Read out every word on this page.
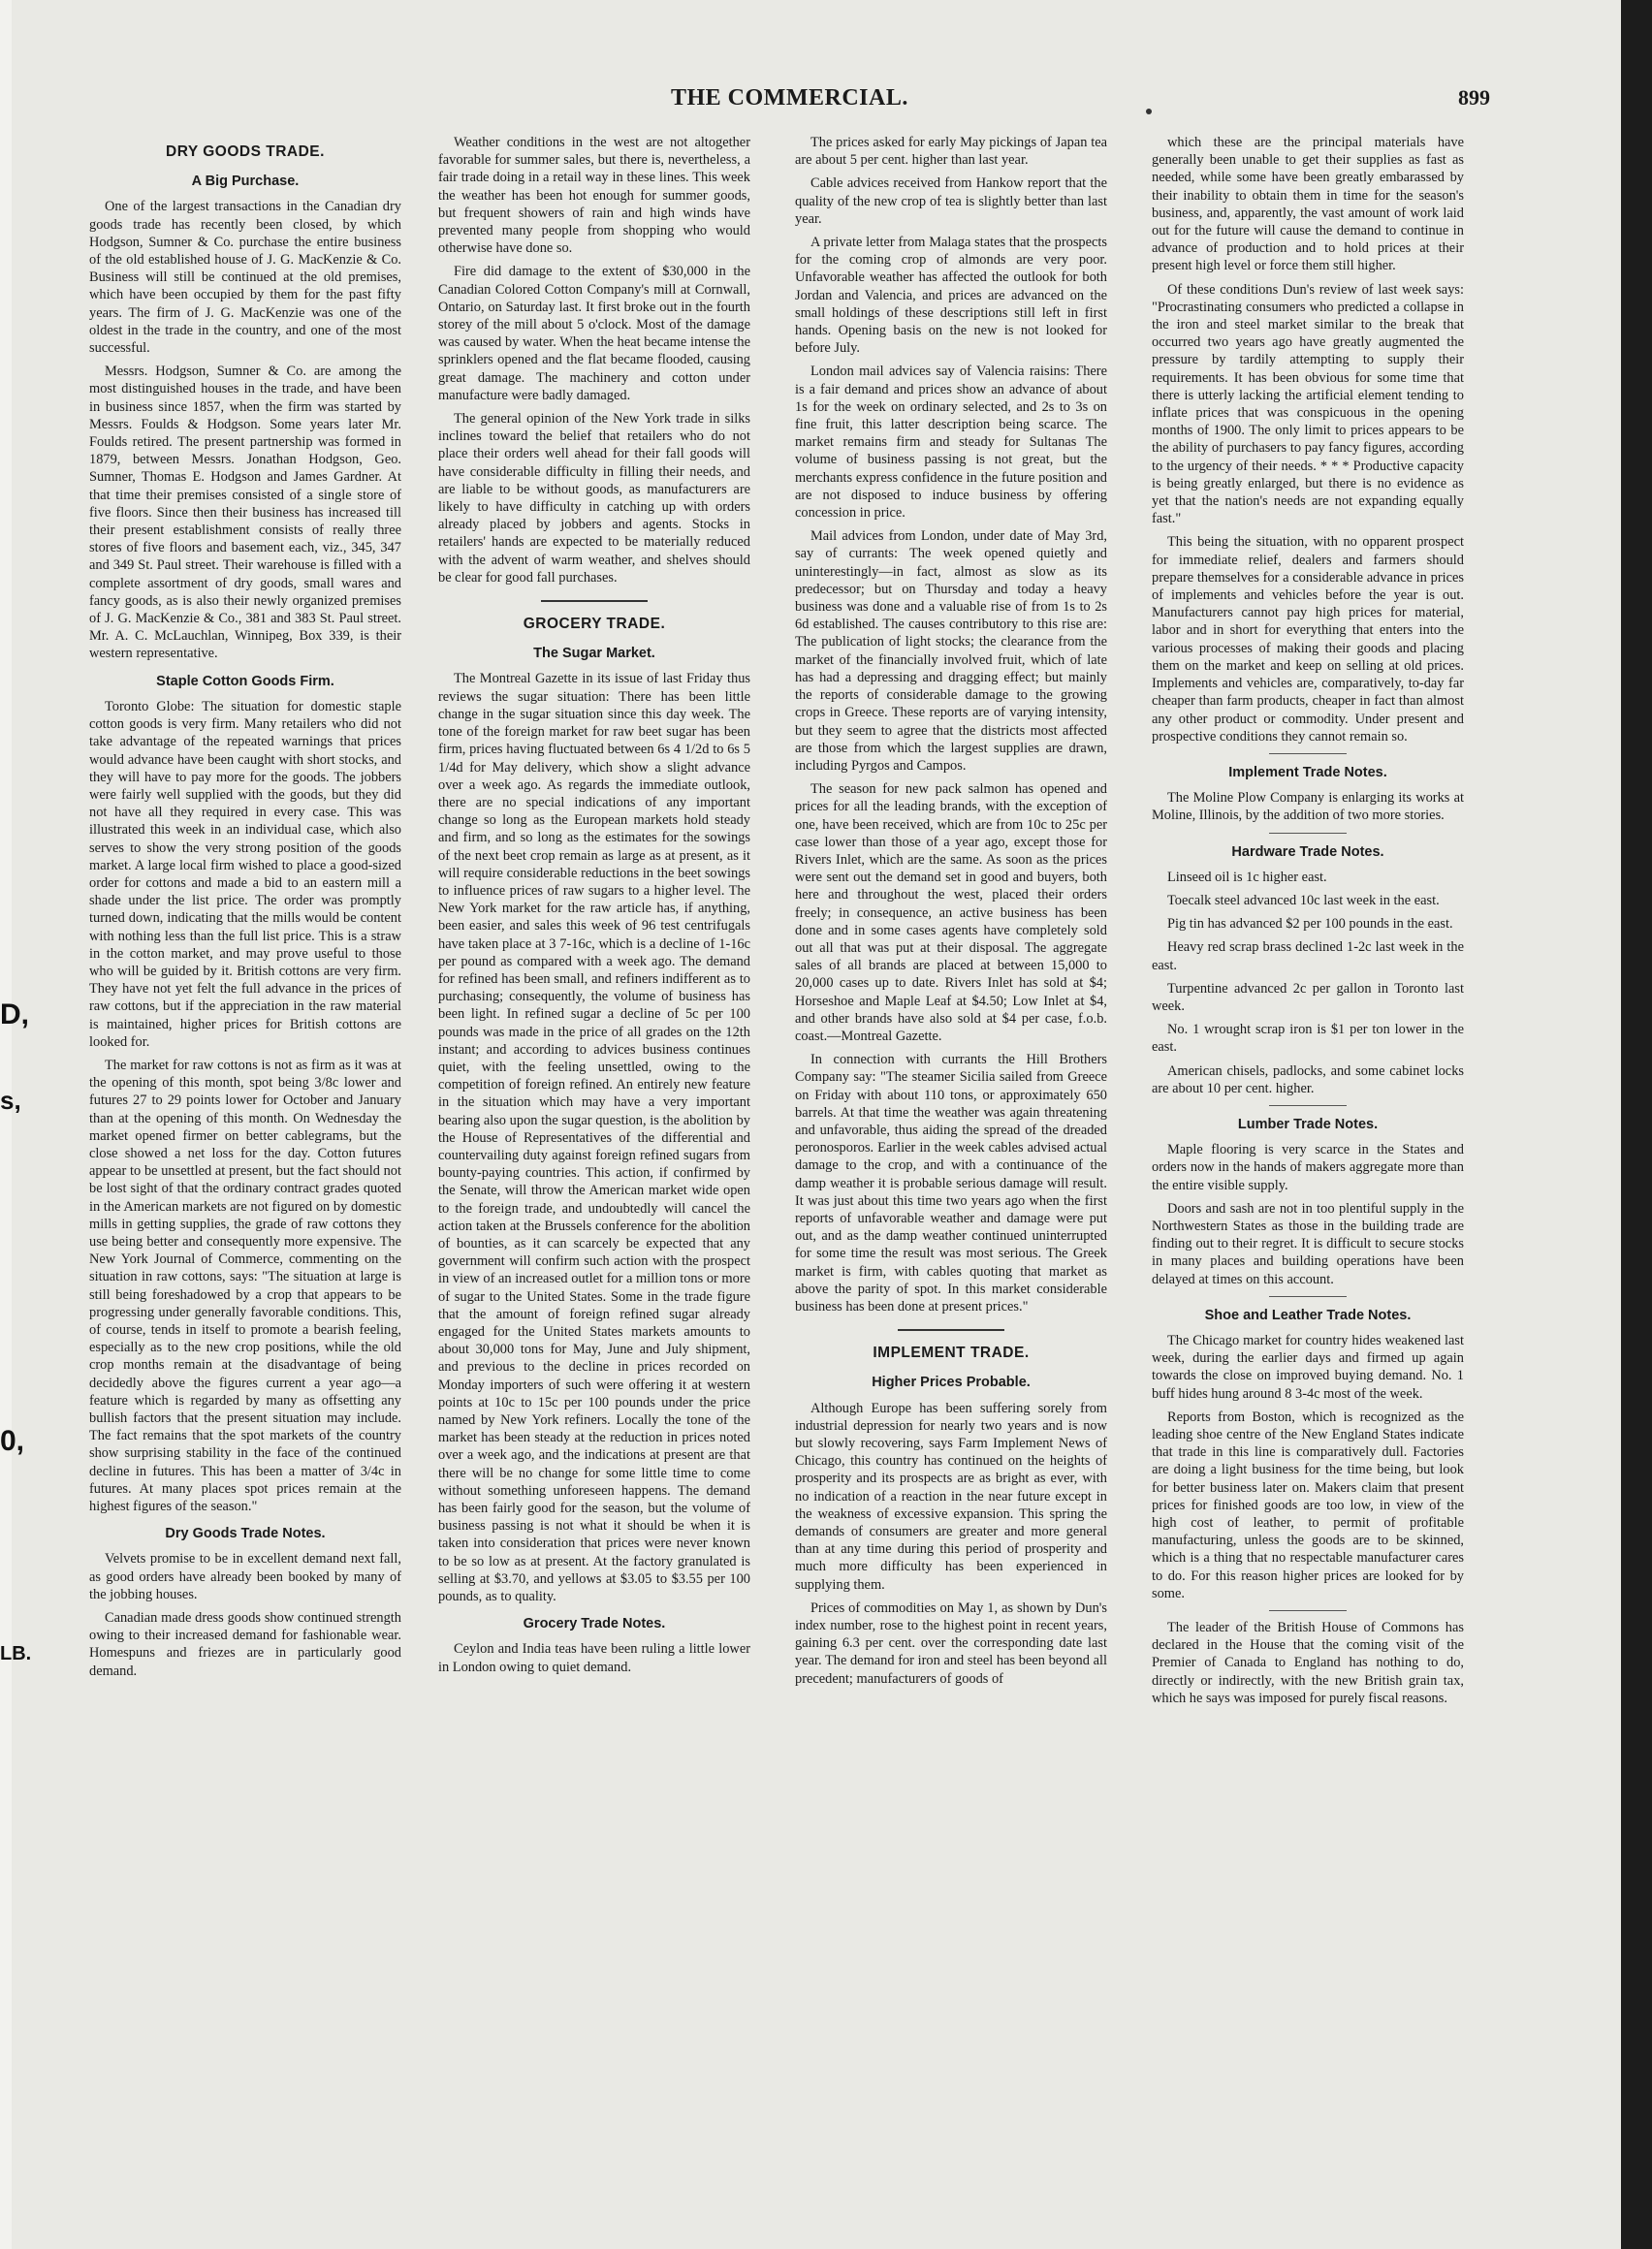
THE COMMERCIAL.	899
DRY GOODS TRADE.
A Big Purchase.

One of the largest transactions in the Canadian dry goods trade has recently been closed, by which Hodgson, Sumner & Co. purchase the entire business of the old established house of J. G. MacKenzie & Co. Business will still be continued at the old premises, which have been occupied by them for the past fifty years. The firm of J. G. MacKenzie was one of the oldest in the trade in the country, and one of the most successful.

Messrs. Hodgson, Sumner & Co. are among the most distinguished houses in the trade, and have been in business since 1857, when the firm was started by Messrs. Foulds & Hodgson. Some years later Mr. Foulds retired. The present partnership was formed in 1879, between Messrs. Jonathan Hodgson, Geo. Sumner, Thomas E. Hodgson and James Gardner. At that time their premises consisted of a single store of five floors. Since then their business has increased till their present establishment consists of really three stores of five floors and basement each, viz., 345, 347 and 349 St. Paul street. Their warehouse is filled with a complete assortment of dry goods, small wares and fancy goods, as is also their newly organized premises of J. G. MacKenzie & Co., 381 and 383 St. Paul street. Mr. A. C. McLauchlan, Winnipeg, Box 339, is their western representative.

Staple Cotton Goods Firm.

Toronto Globe: The situation for domestic staple cotton goods is very firm. Many retailers who did not take advantage of the repeated warnings that prices would advance have been caught with short stocks, and they will have to pay more for the goods. The jobbers were fairly well supplied with the goods, but they did not have all they required in every case. This was illustrated this week in an individual case, which also serves to show the very strong position of the goods market. A large local firm wished to place a good-sized order for cottons and made a bid to an eastern mill a shade under the list price. The order was promptly turned down, indicating that the mills would be content with nothing less than the full list price. This is a straw in the cotton market, and may prove useful to those who will be guided by it. British cottons are very firm. They have not yet felt the full advance in the prices of raw cottons, but if the appreciation in the raw material is maintained, higher prices for British cottons are looked for.

The market for raw cottons is not as firm as it was at the opening of this month, spot being 3/8c lower and futures 27 to 29 points lower for October and January than at the opening of this month. On Wednesday the market opened firmer on better cablegrams, but the close showed a net loss for the day. Cotton futures appear to be unsettled at present, but the fact should not be lost sight of that the ordinary contract grades quoted in the American markets are not figured on by domestic mills in getting supplies, the grade of raw cottons they use being better and consequently more expensive. The New York Journal of Commerce, commenting on the situation in raw cottons, says: "The situation at large is still being foreshadowed by a crop that appears to be progressing under generally favorable conditions. This, of course, tends in itself to promote a bearish feeling, especially as to the new crop positions, while the old crop months remain at the disadvantage of being decidedly above the figures current a year ago—a feature which is regarded by many as offsetting any bullish factors that the present situation may include. The fact remains that the spot markets of the country show surprising stability in the face of the continued decline in futures. This has been a matter of 3/4c in futures. At many places spot prices remain at the highest figures of the season."

Dry Goods Trade Notes.

Velvets promise to be in excellent demand next fall, as good orders have already been booked by many of the jobbing houses.

Canadian made dress goods show continued strength owing to their increased demand for fashionable wear. Homespuns and friezes are in particularly good demand.

Weather conditions in the west are not altogether favorable for summer sales, but there is, nevertheless, a fair trade doing in a retail way in these lines. This week the weather has been hot enough for summer goods, but frequent showers of rain and high winds have prevented many people from shopping who would otherwise have done so.

Fire did damage to the extent of $30,000 in the Canadian Colored Cotton Company's mill at Cornwall, Ontario, on Saturday last. It first broke out in the fourth storey of the mill about 5 o'clock. Most of the damage was caused by water. When the heat became intense the sprinklers opened and the flat became flooded, causing great damage. The machinery and cotton under manufacture were badly damaged.

The general opinion of the New York trade in silks inclines toward the belief that retailers who do not place their orders well ahead for their fall goods will have considerable difficulty in filling their needs, and are liable to be without goods, as manufacturers are likely to have difficulty in catching up with orders already placed by jobbers and agents. Stocks in retailers' hands are expected to be materially reduced with the advent of warm weather, and shelves should be clear for good fall purchases.

GROCERY TRADE.
The Sugar Market.

The Montreal Gazette in its issue of last Friday thus reviews the sugar situation: There has been little change in the sugar situation since this day week. The tone of the foreign market for raw beet sugar has been firm, prices having fluctuated between 6s 4 1/2d to 6s 5 1/4d for May delivery, which show a slight advance over a week ago. As regards the immediate outlook, there are no special indications of any important change so long as the European markets hold steady and firm, and so long as the estimates for the sowings of the next beet crop remain as large as at present, as it will require considerable reductions in the beet sowings to influence prices of raw sugars to a higher level. The New York market for the raw article has, if anything, been easier, and sales this week of 96 test centrifugals have taken place at 3 7-16c, which is a decline of 1-16c per pound as compared with a week ago. The demand for refined has been small, and refiners indifferent as to purchasing; consequently, the volume of business has been light. In refined sugar a decline of 5c per 100 pounds was made in the price of all grades on the 12th instant; and according to advices business continues quiet, with the feeling unsettled, owing to the competition of foreign refined. An entirely new feature in the situation which may have a very important bearing also upon the sugar question, is the abolition by the House of Representatives of the differential and countervailing duty against foreign refined sugars from bounty-paying countries. This action, if confirmed by the Senate, will throw the American market wide open to the foreign trade, and undoubtedly will cancel the action taken at the Brussels conference for the abolition of bounties, as it can scarcely be expected that any government will confirm such action with the prospect in view of an increased outlet for a million tons or more of sugar to the United States. Some in the trade figure that the amount of foreign refined sugar already engaged for the United States markets amounts to about 30,000 tons for May, June and July shipment, and previous to the decline in prices recorded on Monday importers of such were offering it at western points at 10c to 15c per 100 pounds under the price named by New York refiners. Locally the tone of the market has been steady at the reduction in prices noted over a week ago, and the indications at present are that there will be no change for some little time to come without something unforeseen happens. The demand has been fairly good for the season, but the volume of business passing is not what it should be when it is taken into consideration that prices were never known to be so low as at present. At the factory granulated is selling at $3.70, and yellows at $3.05 to $3.55 per 100 pounds, as to quality.

Grocery Trade Notes.

Ceylon and India teas have been ruling a little lower in London owing to quiet demand.

The prices asked for early May pickings of Japan tea are about 5 per cent. higher than last year.

Cable advices received from Hankow report that the quality of the new crop of tea is slightly better than last year.

A private letter from Malaga states that the prospects for the coming crop of almonds are very poor. Unfavorable weather has affected the outlook for both Jordan and Valencia, and prices are advanced on the small holdings of these descriptions still left in first hands. Opening basis on the new is not looked for before July.

London mail advices say of Valencia raisins: There is a fair demand and prices show an advance of about 1s for the week on ordinary selected, and 2s to 3s on fine fruit, this latter description being scarce. The market remains firm and steady for Sultanas The volume of business passing is not great, but the merchants express confidence in the future position and are not disposed to induce business by offering concession in price.

Mail advices from London, under date of May 3rd, say of currants: The week opened quietly and uninterestingly—in fact, almost as slow as its predecessor; but on Thursday and today a heavy business was done and a valuable rise of from 1s to 2s 6d established. The causes contributory to this rise are: The publication of light stocks; the clearance from the market of the financially involved fruit, which of late has had a depressing and dragging effect; but mainly the reports of considerable damage to the growing crops in Greece. These reports are of varying intensity, but they seem to agree that the districts most affected are those from which the largest supplies are drawn, including Pyrgos and Campos.

The season for new pack salmon has opened and prices for all the leading brands, with the exception of one, have been received, which are from 10c to 25c per case lower than those of a year ago, except those for Rivers Inlet, which are the same. As soon as the prices were sent out the demand set in good and buyers, both here and throughout the west, placed their orders freely; in consequence, an active business has been done and in some cases agents have completely sold out all that was put at their disposal. The aggregate sales of all brands are placed at between 15,000 to 20,000 cases up to date. Rivers Inlet has sold at $4; Horseshoe and Maple Leaf at $4.50; Low Inlet at $4, and other brands have also sold at $4 per case, f.o.b. coast.—Montreal Gazette.

In connection with currants the Hill Brothers Company say: "The steamer Sicilia sailed from Greece on Friday with about 110 tons, or approximately 650 barrels. At that time the weather was again threatening and unfavorable, thus aiding the spread of the dreaded peronosporos. Earlier in the week cables advised actual damage to the crop, and with a continuance of the damp weather it is probable serious damage will result. It was just about this time two years ago when the first reports of unfavorable weather and damage were put out, and as the damp weather continued uninterrupted for some time the result was most serious. The Greek market is firm, with cables quoting that market as above the parity of spot. In this market considerable business has been done at present prices."

IMPLEMENT TRADE.
Higher Prices Probable.

Although Europe has been suffering sorely from industrial depression for nearly two years and is now but slowly recovering, says Farm Implement News of Chicago, this country has continued on the heights of prosperity and its prospects are as bright as ever, with no indication of a reaction in the near future except in the weakness of excessive expansion. This spring the demands of consumers are greater and more general than at any time during this period of prosperity and much more difficulty has been experienced in supplying them.

Prices of commodities on May 1, as shown by Dun's index number, rose to the highest point in recent years, gaining 6.3 per cent. over the corresponding date last year. The demand for iron and steel has been beyond all precedent; manufacturers of goods of

which these are the principal materials have generally been unable to get their supplies as fast as needed, while some have been greatly embarassed by their inability to obtain them in time for the season's business, and, apparently, the vast amount of work laid out for the future will cause the demand to continue in advance of production and to hold prices at their present high level or force them still higher.

Of these conditions Dun's review of last week says: "Procrastinating consumers who predicted a collapse in the iron and steel market similar to the break that occurred two years ago have greatly augmented the pressure by tardily attempting to supply their requirements. It has been obvious for some time that there is utterly lacking the artificial element tending to inflate prices that was conspicuous in the opening months of 1900. The only limit to prices appears to be the ability of purchasers to pay fancy figures, according to the urgency of their needs. * * * Productive capacity is being greatly enlarged, but there is no evidence as yet that the nation's needs are not expanding equally fast."

This being the situation, with no opparent prospect for immediate relief, dealers and farmers should prepare themselves for a considerable advance in prices of implements and vehicles before the year is out. Manufacturers cannot pay high prices for material, labor and in short for everything that enters into the various processes of making their goods and placing them on the market and keep on selling at old prices. Implements and vehicles are, comparatively, to-day far cheaper than farm products, cheaper in fact than almost any other product or commodity. Under present and prospective conditions they cannot remain so.

Implement Trade Notes.

The Moline Plow Company is enlarging its works at Moline, Illinois, by the addition of two more stories.

Hardware Trade Notes.

Linseed oil is 1c higher east.

Toecalk steel advanced 10c last week in the east.

Pig tin has advanced $2 per 100 pounds in the east.

Heavy red scrap brass declined 1-2c last week in the east.

Turpentine advanced 2c per gallon in Toronto last week.

No. 1 wrought scrap iron is $1 per ton lower in the east.

American chisels, padlocks, and some cabinet locks are about 10 per cent. higher.

Lumber Trade Notes.

Maple flooring is very scarce in the States and orders now in the hands of makers aggregate more than the entire visible supply.

Doors and sash are not in too plentiful supply in the Northwestern States as those in the building trade are finding out to their regret. It is difficult to secure stocks in many places and building operations have been delayed at times on this account.

Shoe and Leather Trade Notes.

The Chicago market for country hides weakened last week, during the earlier days and firmed up again towards the close on improved buying demand. No. 1 buff hides hung around 8 3-4c most of the week.

Reports from Boston, which is recognized as the leading shoe centre of the New England States indicate that trade in this line is comparatively dull. Factories are doing a light business for the time being, but look for better business later on. Makers claim that present prices for finished goods are too low, in view of the high cost of leather, to permit of profitable manufacturing, unless the goods are to be skinned, which is a thing that no respectable manufacturer cares to do. For this reason higher prices are looked for by some.

The leader of the British House of Commons has declared in the House that the coming visit of the Premier of Canada to England has nothing to do, directly or indirectly, with the new British grain tax, which he says was imposed for purely fiscal reasons.

D,
s,
0,
LB.
